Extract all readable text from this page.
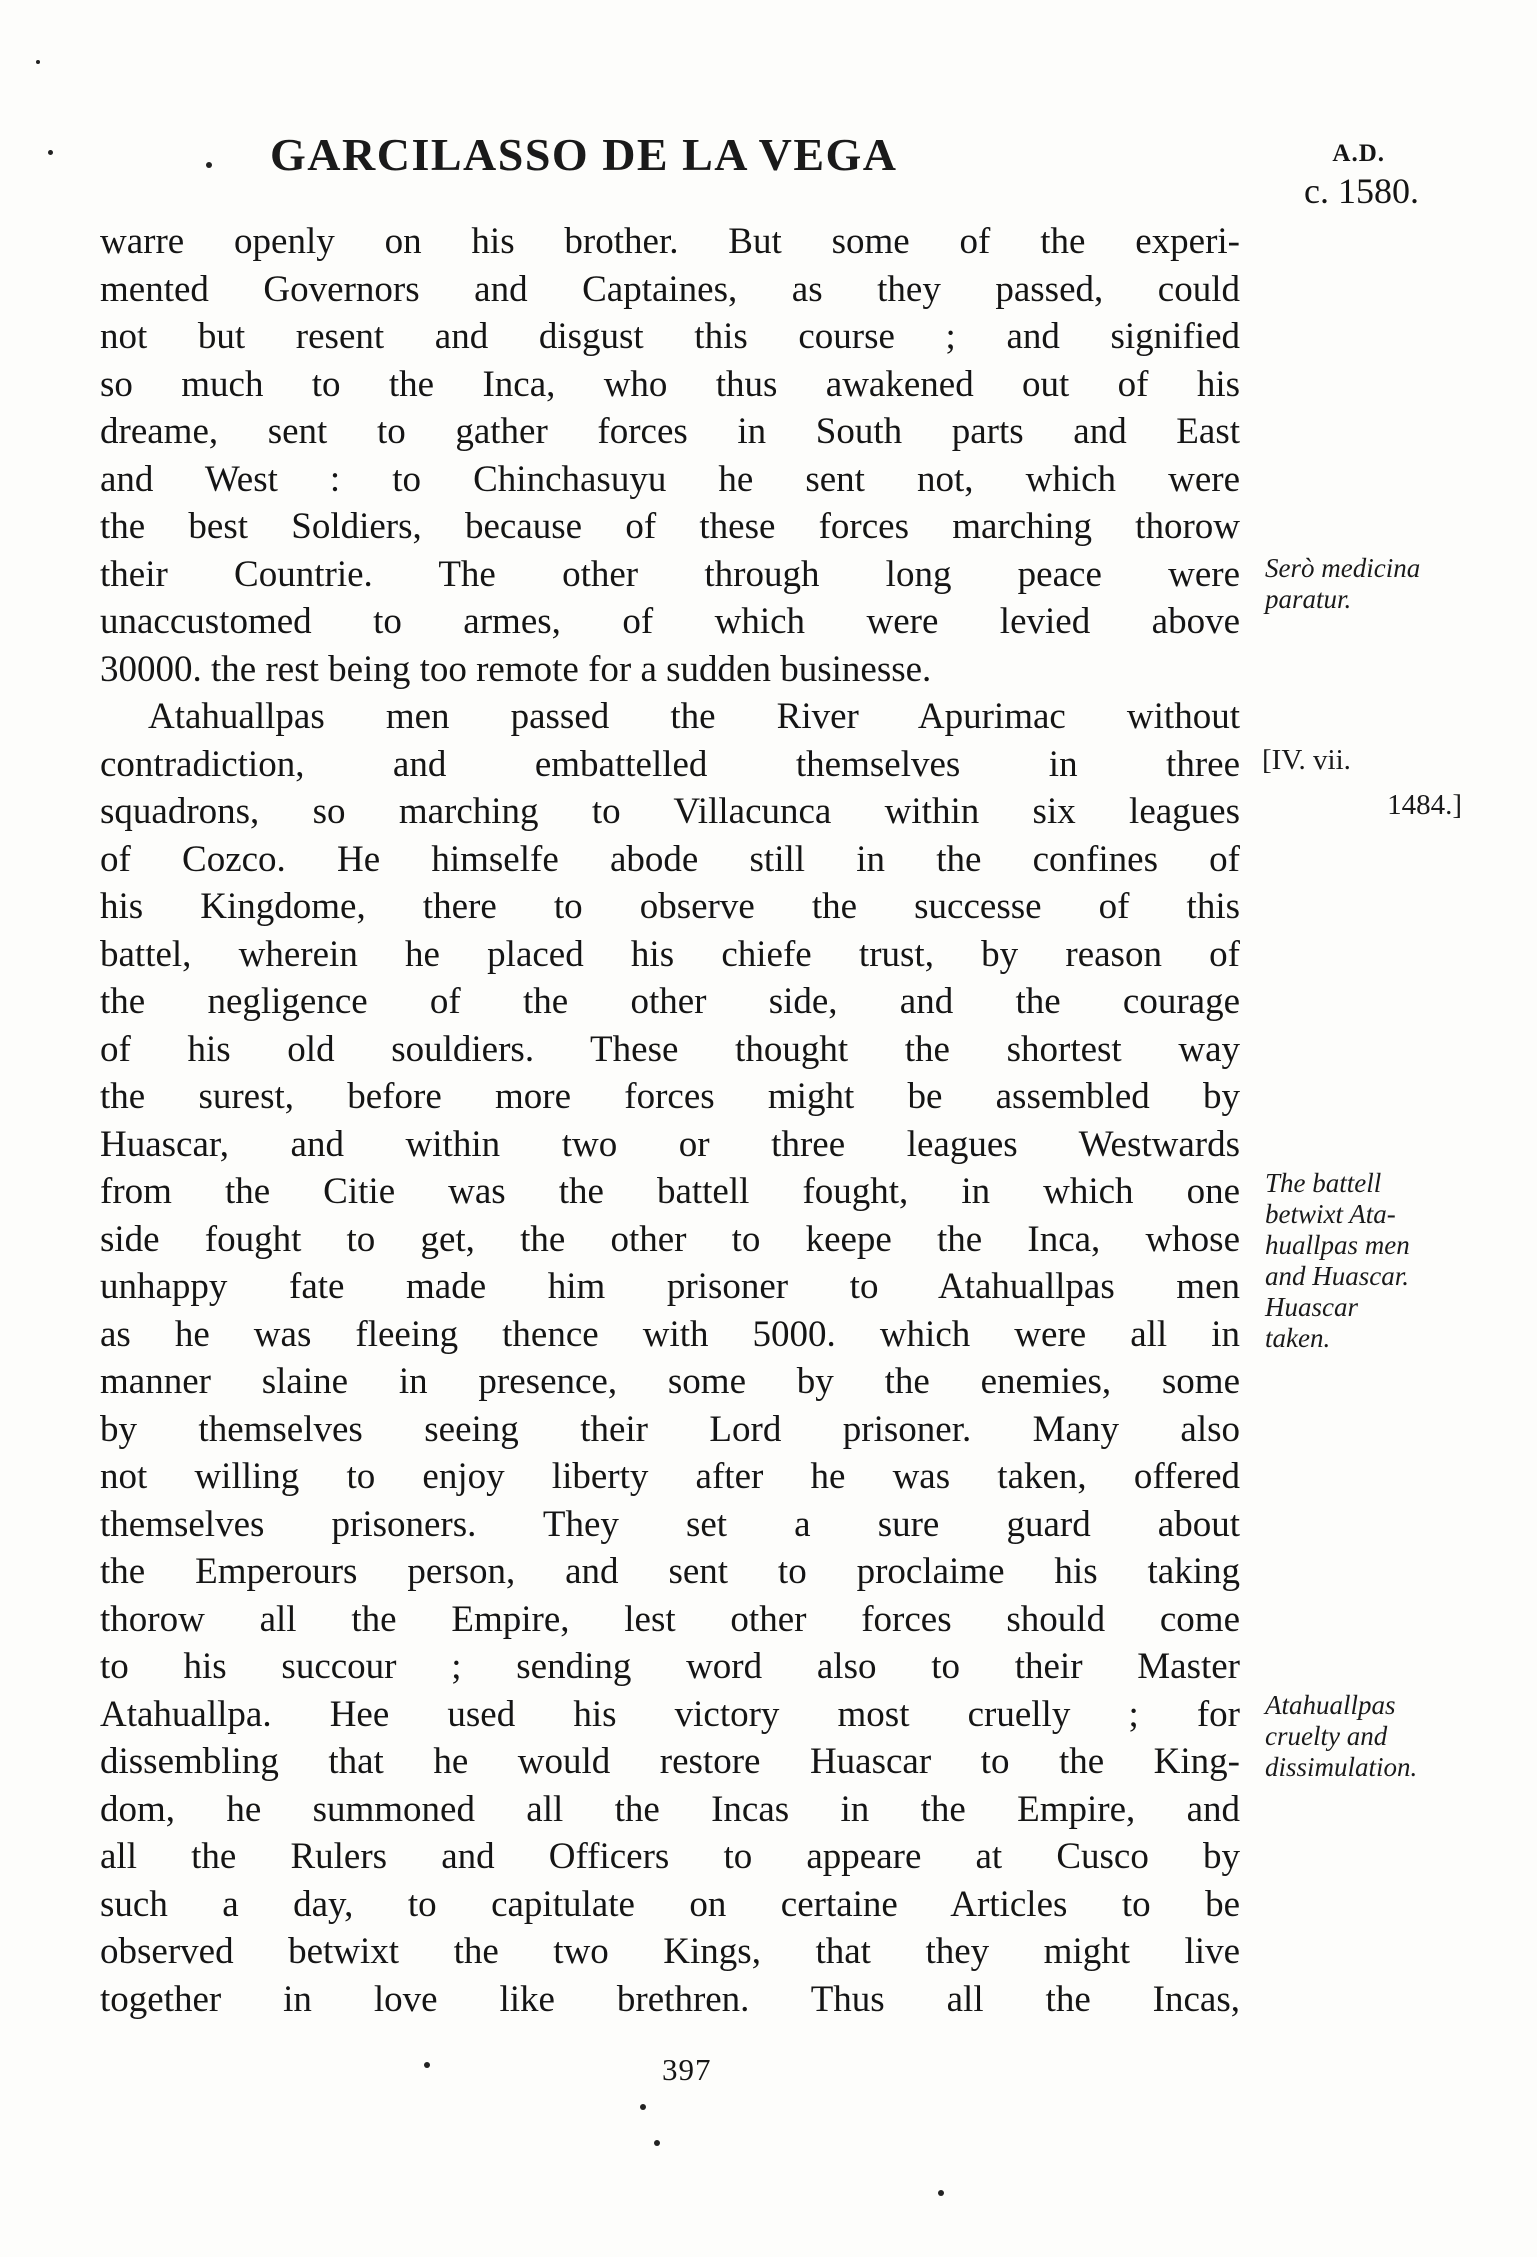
GARCILASSO DE LA VEGA	A.D.
c. 1580.
warre openly on his brother. But some of the experi-
mented Governors and Captaines, as they passed, could
not but resent and disgust this course ; and signified
so much to the Inca, who thus awakened out of his
dreame, sent to gather forces in South parts and East
and West : to Chinchasuyu he sent not, which were
the best Soldiers, because of these forces marching thorow
their Countrie. The other through long peace were
unaccustomed to armes, of which were levied above
30000. the rest being too remote for a sudden businesse.
Atahuallpas men passed the River Apurimac without
contradiction, and embattelled themselves in three
squadrons, so marching to Villacunca within six leagues
of Cozco. He himselfe abode still in the confines of
his Kingdome, there to observe the successe of this
battel, wherein he placed his chiefe trust, by reason of
the negligence of the other side, and the courage
of his old souldiers. These thought the shortest way
the surest, before more forces might be assembled by
Huascar, and within two or three leagues Westwards
from the Citie was the battell fought, in which one
side fought to get, the other to keepe the Inca, whose
unhappy fate made him prisoner to Atahuallpas men
as he was fleeing thence with 5000. which were all in
manner slaine in presence, some by the enemies, some
by themselves seeing their Lord prisoner. Many also
not willing to enjoy liberty after he was taken, offered
themselves prisoners. They set a sure guard about
the Emperours person, and sent to proclaime his taking
thorow all the Empire, lest other forces should come
to his succour ; sending word also to their Master
Atahuallpa. Hee used his victory most cruelly ; for
dissembling that he would restore Huascar to the King-
dom, he summoned all the Incas in the Empire, and
all the Rulers and Officers to appeare at Cusco by
such a day, to capitulate on certaine Articles to be
observed betwixt the two Kings, that they might live
together in love like brethren. Thus all the Incas,
Serò medicina
paratur.
[IV. vii.
1484.]
The battell
betwixt Ata-
huallpas men
and Huascar.
Huascar
taken.
Atahuallpas
cruelty and
dissimulation.
397
